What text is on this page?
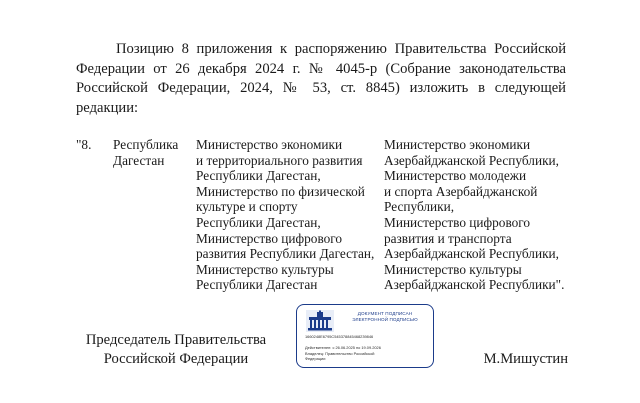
Позицию 8 приложения к распоряжению Правительства Российской Федерации от 26 декабря 2024 г. № 4045-р (Собрание законодательства Российской Федерации, 2024, № 53, ст. 8845) изложить в следующей редакции:

"8.	Республика
Дагестан

Министерство экономики
и территориального развития
Республики Дагестан,
Министерство по физической
культуре и спорту
Республики Дагестан,
Министерство цифрового
развития Республики Дагестан,
Министерство культуры
Республики Дагестан

Министерство экономики
Азербайджанской Республики,
Министерство молодежи
и спорта Азербайджанской
Республики,
Министерство цифрового
развития и транспорта
Азербайджанской Республики,
Министерство культуры
Азербайджанской Республики".

Председатель Правительства
Российской Федерации

ДОКУМЕНТ ПОДПИСАН
ЭЛЕКТРОННОЙ ПОДПИСЬЮ
1660248E6795C545378845468239846
Действителен: с 26.06.2025 по 19.09.2026
Владелец: Правительство Российской
Федерации	М.Мишустин
